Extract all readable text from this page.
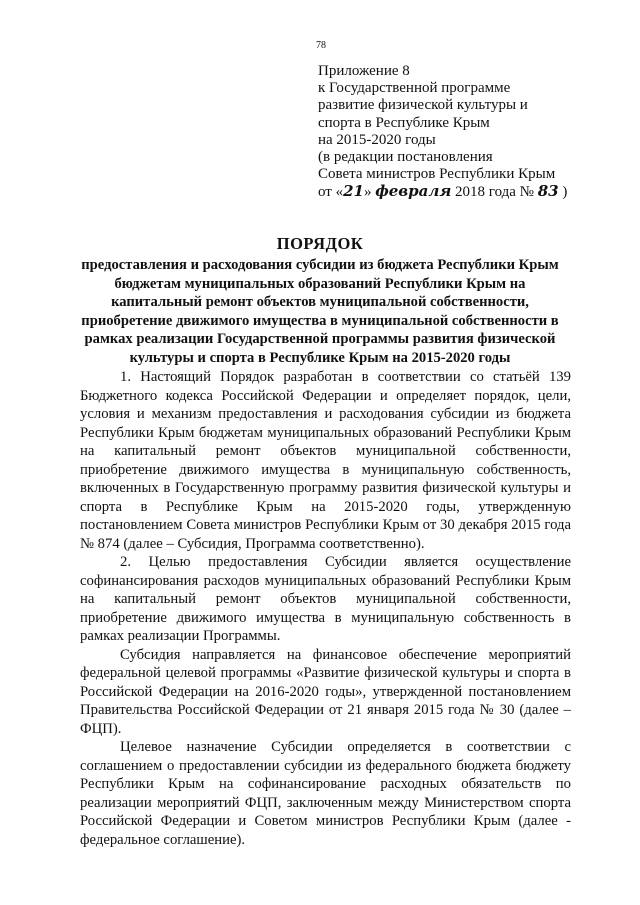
78
Приложение 8
к Государственной программе
развитие физической культуры и
спорта в Республике Крым
на 2015-2020 годы
(в редакции постановления
Совета министров Республики Крым
от «21» февраля 2018 года № 83 )
ПОРЯДОК
предоставления и расходования субсидии из бюджета Республики Крым
бюджетам муниципальных образований Республики Крым на
капитальный ремонт объектов муниципальной собственности,
приобретение движимого имущества в муниципальной собственности в
рамках реализации Государственной программы развития физической
культуры и спорта в Республике Крым на 2015-2020 годы

1. Настоящий Порядок разработан в соответствии со статьёй 139 Бюджетного кодекса Российской Федерации и определяет порядок, цели, условия и механизм предоставления и расходования субсидии из бюджета Республики Крым бюджетам муниципальных образований Республики Крым на капитальный ремонт объектов муниципальной собственности, приобретение движимого имущества в муниципальную собственность, включенных в Государственную программу развития физической культуры и спорта в Республике Крым на 2015-2020 годы, утвержденную постановлением Совета министров Республики Крым от 30 декабря 2015 года № 874 (далее – Субсидия, Программа соответственно).

2. Целью предоставления Субсидии является осуществление софинансирования расходов муниципальных образований Республики Крым на капитальный ремонт объектов муниципальной собственности, приобретение движимого имущества в муниципальную собственность в рамках реализации Программы.

Субсидия направляется на финансовое обеспечение мероприятий федеральной целевой программы «Развитие физической культуры и спорта в Российской Федерации на 2016-2020 годы», утвержденной постановлением Правительства Российской Федерации от 21 января 2015 года № 30 (далее – ФЦП).

Целевое назначение Субсидии определяется в соответствии с соглашением о предоставлении субсидии из федерального бюджета бюджету Республики Крым на софинансирование расходных обязательств по реализации мероприятий ФЦП, заключенным между Министерством спорта Российской Федерации и Советом министров Республики Крым (далее - федеральное соглашение).
